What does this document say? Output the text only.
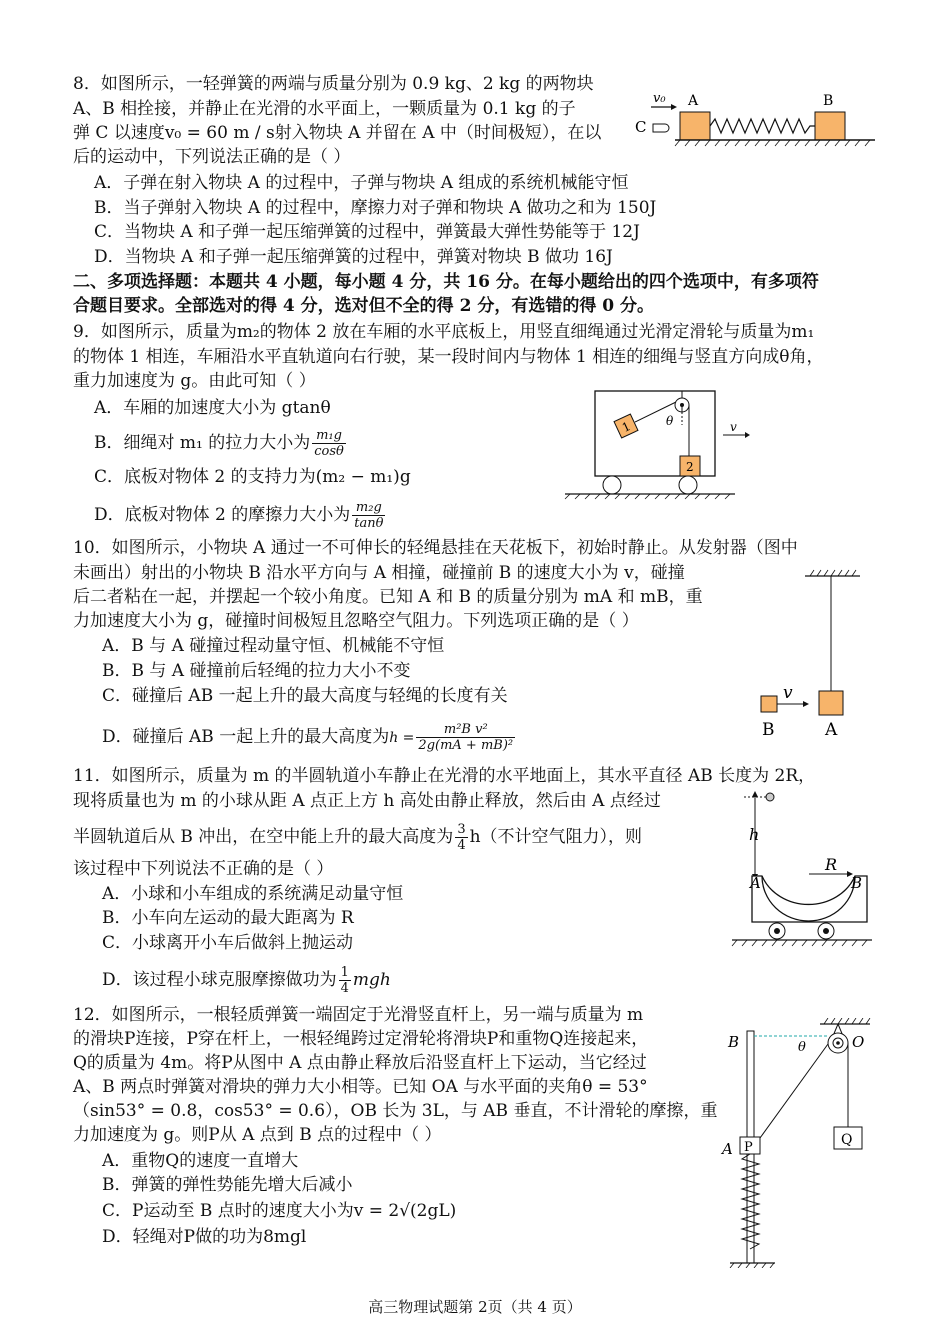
8．如图所示，一轻弹簧的两端与质量分别为 0.9 kg、2 kg 的两物块
A、B 相拴接，并静止在光滑的水平面上，一颗质量为 0.1 kg 的子
弹 C 以速度v₀ = 60 m / s射入物块 A 并留在 A 中（时间极短），在以
后的运动中，下列说法正确的是（ ）
A．子弹在射入物块 A 的过程中，子弹与物块 A 组成的系统机械能守恒
B．当子弹射入物块 A 的过程中，摩擦力对子弹和物块 A 做功之和为 150J
C．当物块 A 和子弹一起压缩弹簧的过程中，弹簧最大弹性势能等于 12J
D．当物块 A 和子弹一起压缩弹簧的过程中，弹簧对物块 B 做功 16J
v₀
C
A	B
二、多项选择题：本题共 4 小题，每小题 4 分，共 16 分。在每小题给出的四个选项中，有多项符
合题目要求。全部选对的得 4 分，选对但不全的得 2 分，有选错的得 0 分。
9．如图所示，质量为m₂的物体 2 放在车厢的水平底板上，用竖直细绳通过光滑定滑轮与质量为m₁
的物体 1 相连，车厢沿水平直轨道向右行驶，某一段时间内与物体 1 相连的细绳与竖直方向成θ角，
重力加速度为 g。由此可知（ ）
A．车厢的加速度大小为 gtanθ
B．细绳对 m₁ 的拉力大小为 $\frac{\text{m₁g}}{\cos\theta}$
C．底板对物体 2 的支持力为(m₂ − m₁)g
D．底板对物体 2 的摩擦力大小为 $\frac{\text{m₂g}}{\tan\theta}$
1	θ
2
v
10．如图所示，小物块 A 通过一不可伸长的轻绳悬挂在天花板下，初始时静止。从发射器（图中
未画出）射出的小物块 B 沿水平方向与 A 相撞，碰撞前 B 的速度大小为 v，碰撞
后二者粘在一起，并摆起一个较小角度。已知 A 和 B 的质量分别为 mA 和 mB，重
力加速度大小为 g，碰撞时间极短且忽略空气阻力。下列选项正确的是（ ）
A．B 与 A 碰撞过程动量守恒、机械能不守恒
B．B 与 A 碰撞前后轻绳的拉力大小不变
C．碰撞后 AB 一起上升的最大高度与轻绳的长度有关
D．碰撞后 AB 一起上升的最大高度为$h = \frac{\text{m²B v²}}{\text{2g(mA + mB)²}}$
v
B	A
11．如图所示，质量为 m 的半圆轨道小车静止在光滑的水平地面上，其水平直径 AB 长度为 2R，
现将质量也为 m 的小球从距 A 点正上方 h 高处由静止释放，然后由 A 点经过
半圆轨道后从 B 冲出，在空中能上升的最大高度为 $\frac{3}{4} h$（不计空气阻力），则
该过程中下列说法不正确的是（ ）
A．小球和小车组成的系统满足动量守恒
B．小车向左运动的最大距离为 R
C．小球离开小车后做斜上抛运动
D．该过程小球克服摩擦做功为 $\frac{1}{4}$ mgh
h
R
A	B
12．如图所示，一根轻质弹簧一端固定于光滑竖直杆上，另一端与质量为 m
的滑块P连接，P穿在杆上，一根轻绳跨过定滑轮将滑块P和重物Q连接起来，
Q的质量为 4m。将P从图中 A 点由静止释放后沿竖直杆上下运动，当它经过
A、B 两点时弹簧对滑块的弹力大小相等。已知 OA 与水平面的夹角θ = 53°
（sin53° = 0.8，cos53° = 0.6），OB 长为 3L，与 AB 垂直，不计滑轮的摩擦，重
力加速度为 g。则P从 A 点到 B 点的过程中（ ）
A．重物Q的速度一直增大
B．弹簧的弹性势能先增大后减小
C．P运动至 B 点时的速度大小为v = 2√(2gL)
D．轻绳对P做的功为8mgl
B	O
θ
Q
A P
高三物理试题第 2页（共 4 页）
